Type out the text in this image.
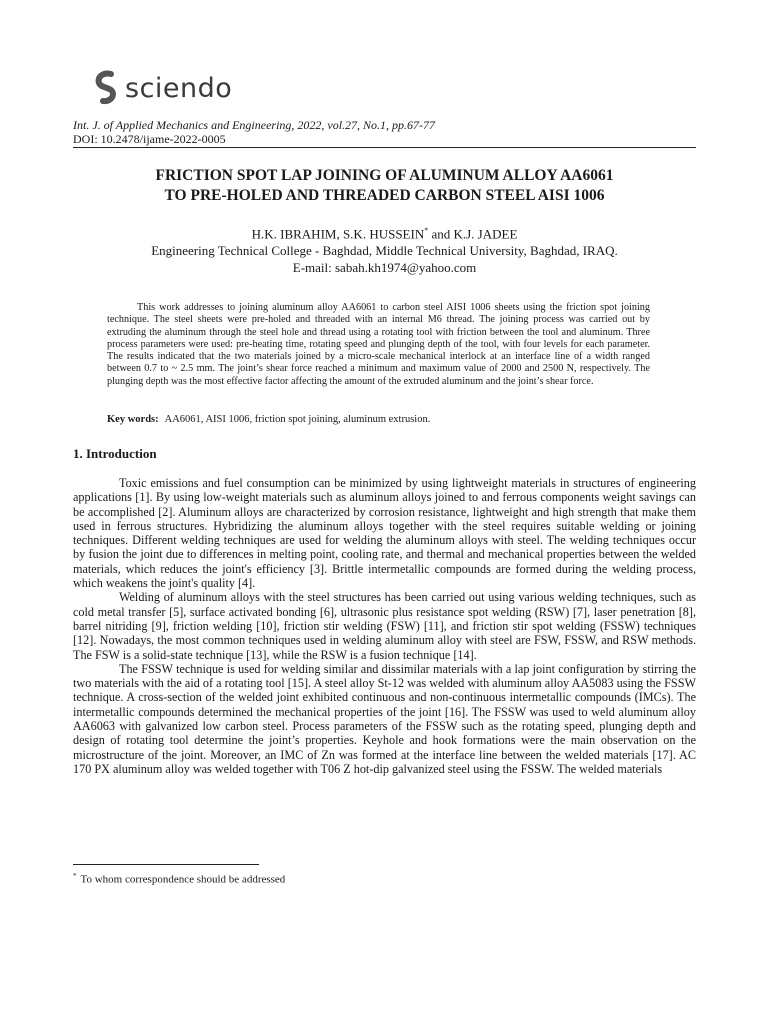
sciendo
Int. J. of Applied Mechanics and Engineering, 2022, vol.27, No.1, pp.67-77
DOI: 10.2478/ijame-2022-0005
FRICTION SPOT LAP JOINING OF ALUMINUM ALLOY AA6061
TO PRE-HOLED AND THREADED CARBON STEEL AISI 1006
H.K. IBRAHIM, S.K. HUSSEIN* and K.J. JADEE
Engineering Technical College - Baghdad, Middle Technical University, Baghdad, IRAQ.
E-mail: sabah.kh1974@yahoo.com

This work addresses to joining aluminum alloy AA6061 to carbon steel AISI 1006 sheets using the friction spot joining technique. The steel sheets were pre-holed and threaded with an internal M6 thread. The joining process was carried out by extruding the aluminum through the steel hole and thread using a rotating tool with friction between the tool and aluminum. Three process parameters were used: pre-heating time, rotating speed and plunging depth of the tool, with four levels for each parameter. The results indicated that the two materials joined by a micro-scale mechanical interlock at an interface line of a width ranged between 0.7 to ~ 2.5 mm. The joint’s shear force reached a minimum and maximum value of 2000 and 2500 N, respectively. The plunging depth was the most effective factor affecting the amount of the extruded aluminum and the joint’s shear force.

Key words: AA6061, AISI 1006, friction spot joining, aluminum extrusion.
1. Introduction

Toxic emissions and fuel consumption can be minimized by using lightweight materials in structures of engineering applications [1]. By using low-weight materials such as aluminum alloys joined to and ferrous components weight savings can be accomplished [2]. Aluminum alloys are characterized by corrosion resistance, lightweight and high strength that make them used in ferrous structures. Hybridizing the aluminum alloys together with the steel requires suitable welding or joining techniques. Different welding techniques are used for welding the aluminum alloys with steel. The welding techniques occur by fusion the joint due to differences in melting point, cooling rate, and thermal and mechanical properties between the welded materials, which reduces the joint's efficiency [3]. Brittle intermetallic compounds are formed during the welding process, which weakens the joint's quality [4].

Welding of aluminum alloys with the steel structures has been carried out using various welding techniques, such as cold metal transfer [5], surface activated bonding [6], ultrasonic plus resistance spot welding (RSW) [7], laser penetration [8], barrel nitriding [9], friction welding [10], friction stir welding (FSW) [11], and friction stir spot welding (FSSW) techniques [12]. Nowadays, the most common techniques used in welding aluminum alloy with steel are FSW, FSSW, and RSW methods. The FSW is a solid-state technique [13], while the RSW is a fusion technique [14].

The FSSW technique is used for welding similar and dissimilar materials with a lap joint configuration by stirring the two materials with the aid of a rotating tool [15]. A steel alloy St-12 was welded with aluminum alloy AA5083 using the FSSW technique. A cross-section of the welded joint exhibited continuous and non-continuous intermetallic compounds (IMCs). The intermetallic compounds determined the mechanical properties of the joint [16]. The FSSW was used to weld aluminum alloy AA6063 with galvanized low carbon steel. Process parameters of the FSSW such as the rotating speed, plunging depth and design of rotating tool determine the joint’s properties. Keyhole and hook formations were the main observation on the microstructure of the joint. Moreover, an IMC of Zn was formed at the interface line between the welded materials [17]. AC 170 PX aluminum alloy was welded together with T06 Z hot-dip galvanized steel using the FSSW. The welded materials

* To whom correspondence should be addressed
